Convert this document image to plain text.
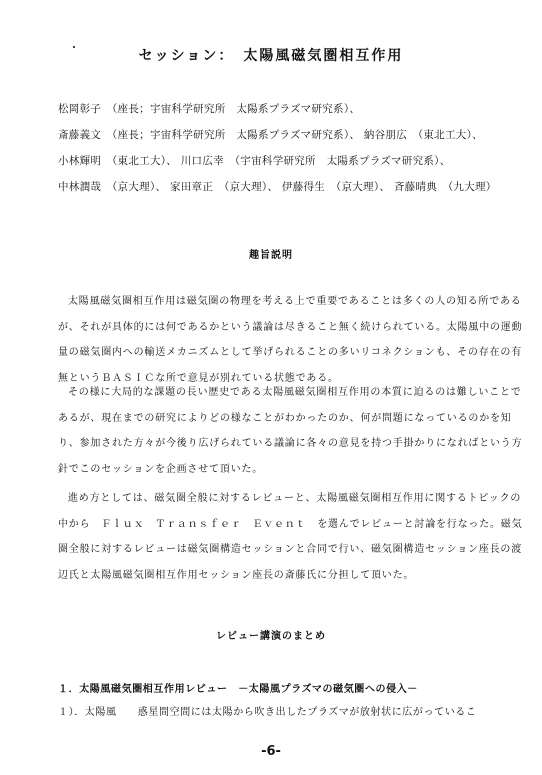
セッション：　太陽風磁気圏相互作用

松岡彰子　（座長；宇宙科学研究所　太陽系プラズマ研究系）、 斎藤義文　（座長；宇宙科学研究所　太陽系プラズマ研究系）、 納谷朋広　（東北工大）、 小林輝明　（東北工大）、 川口広幸　（宇宙科学研究所　太陽系プラズマ研究系）、 中林潤哉　（京大理）、 家田章正　（京大理）、 伊藤得生　（京大理）、 斉藤晴典　（九大理）

趣旨説明

太陽風磁気圏相互作用は磁気圏の物理を考える上で重要であることは多くの人の知る所であるが、それが具体的には何であるかという議論は尽きること無く続けられている。太陽風中の運動量の磁気圏内への輸送メカニズムとして挙げられることの多いリコネクションも、その存在の有無というＢＡＳＩＣな所で意見が別れている状態である。

その様に大局的な課題の長い歴史である太陽風磁気圏相互作用の本質に迫るのは難しいことであるが、現在までの研究によりどの様なことがわかったのか、何が問題になっているのかを知り、参加された方々が今後り広げられている議論に各々の意見を持つ手掛かりになればという方針でこのセッションを企画させて頂いた。

進め方としては、磁気圏全般に対するレビューと、太陽風磁気圏相互作用に関するトピックの中から　Ｆｌｕｘ　Ｔｒａｎｓｆｅｒ　Ｅｖｅｎｔ　を選んでレビューと討論を行なった。磁気圏全般に対するレビューは磁気圏構造セッションと合同で行い、磁気圏構造セッション座長の渡辺氏と太陽風磁気圏相互作用セッション座長の斎藤氏に分担して頂いた。

レビュー講演のまとめ
１．太陽風磁気圏相互作用レビュー　－太陽風プラズマの磁気圏への侵入－
１）．太陽風　　惑星間空間には太陽から吹き出したプラズマが放射状に広がっているこ
-6-
